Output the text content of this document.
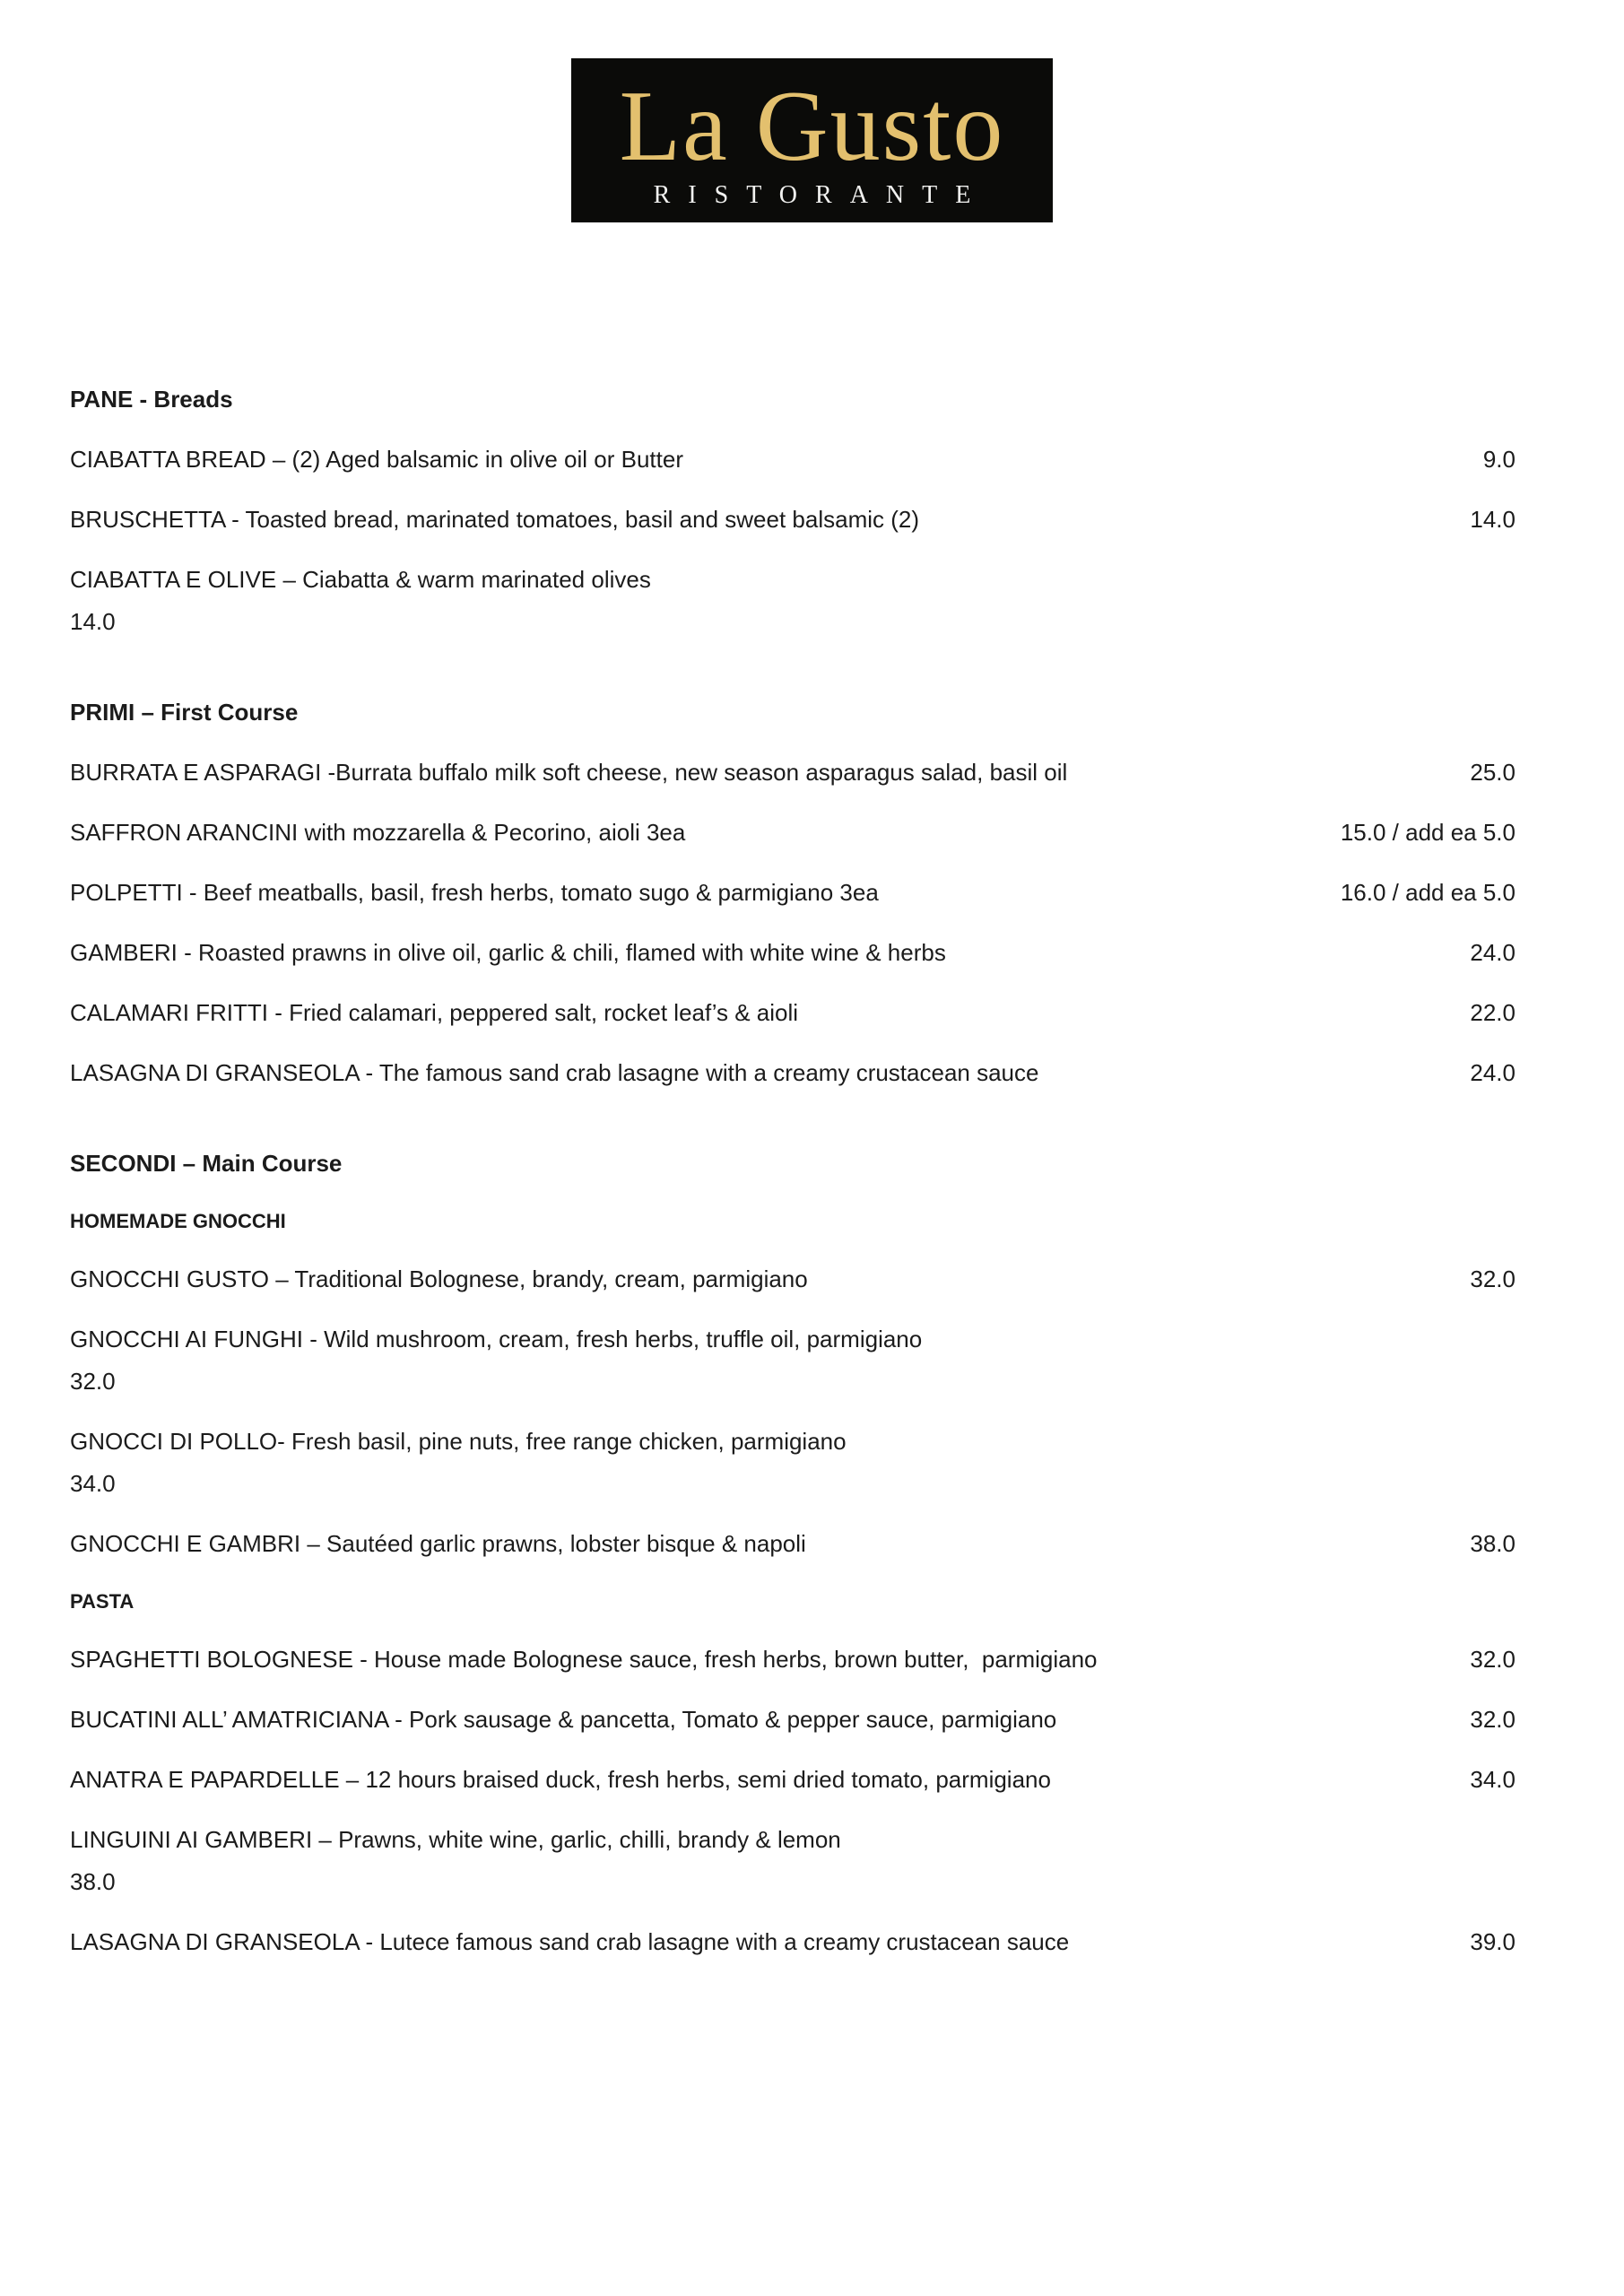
La Gusto
RISTORANTE
PANE - Breads
CIABATTA BREAD – (2) Aged balsamic in olive oil or Butter	9.0
BRUSCHETTA - Toasted bread, marinated tomatoes, basil and sweet balsamic (2)	14.0
CIABATTA E OLIVE – Ciabatta & warm marinated olives
14.0
PRIMI – First Course
BURRATA E ASPARAGI -Burrata buffalo milk soft cheese, new season asparagus salad, basil oil	25.0
SAFFRON ARANCINI with mozzarella & Pecorino, aioli 3ea	15.0 / add ea 5.0
POLPETTI - Beef meatballs, basil, fresh herbs, tomato sugo & parmigiano 3ea	16.0 / add ea 5.0
GAMBERI - Roasted prawns in olive oil, garlic & chili, flamed with white wine & herbs	24.0
CALAMARI FRITTI - Fried calamari, peppered salt, rocket leaf’s & aioli	22.0
LASAGNA DI GRANSEOLA - The famous sand crab lasagne with a creamy crustacean sauce	24.0
SECONDI – Main Course
HOMEMADE GNOCCHI
GNOCCHI GUSTO – Traditional Bolognese, brandy, cream, parmigiano	32.0
GNOCCHI AI FUNGHI - Wild mushroom, cream, fresh herbs, truffle oil, parmigiano
32.0
GNOCCI DI POLLO- Fresh basil, pine nuts, free range chicken, parmigiano
34.0
GNOCCHI E GAMBRI – Sautéed garlic prawns, lobster bisque & napoli	38.0
PASTA
SPAGHETTI BOLOGNESE - House made Bolognese sauce, fresh herbs, brown butter,  parmigiano	32.0
BUCATINI ALL’ AMATRICIANA - Pork sausage & pancetta, Tomato & pepper sauce, parmigiano	32.0
ANATRA E PAPARDELLE – 12 hours braised duck, fresh herbs, semi dried tomato, parmigiano	34.0
LINGUINI AI GAMBERI – Prawns, white wine, garlic, chilli, brandy & lemon
38.0
LASAGNA DI GRANSEOLA - Lutece famous sand crab lasagne with a creamy crustacean sauce	39.0
